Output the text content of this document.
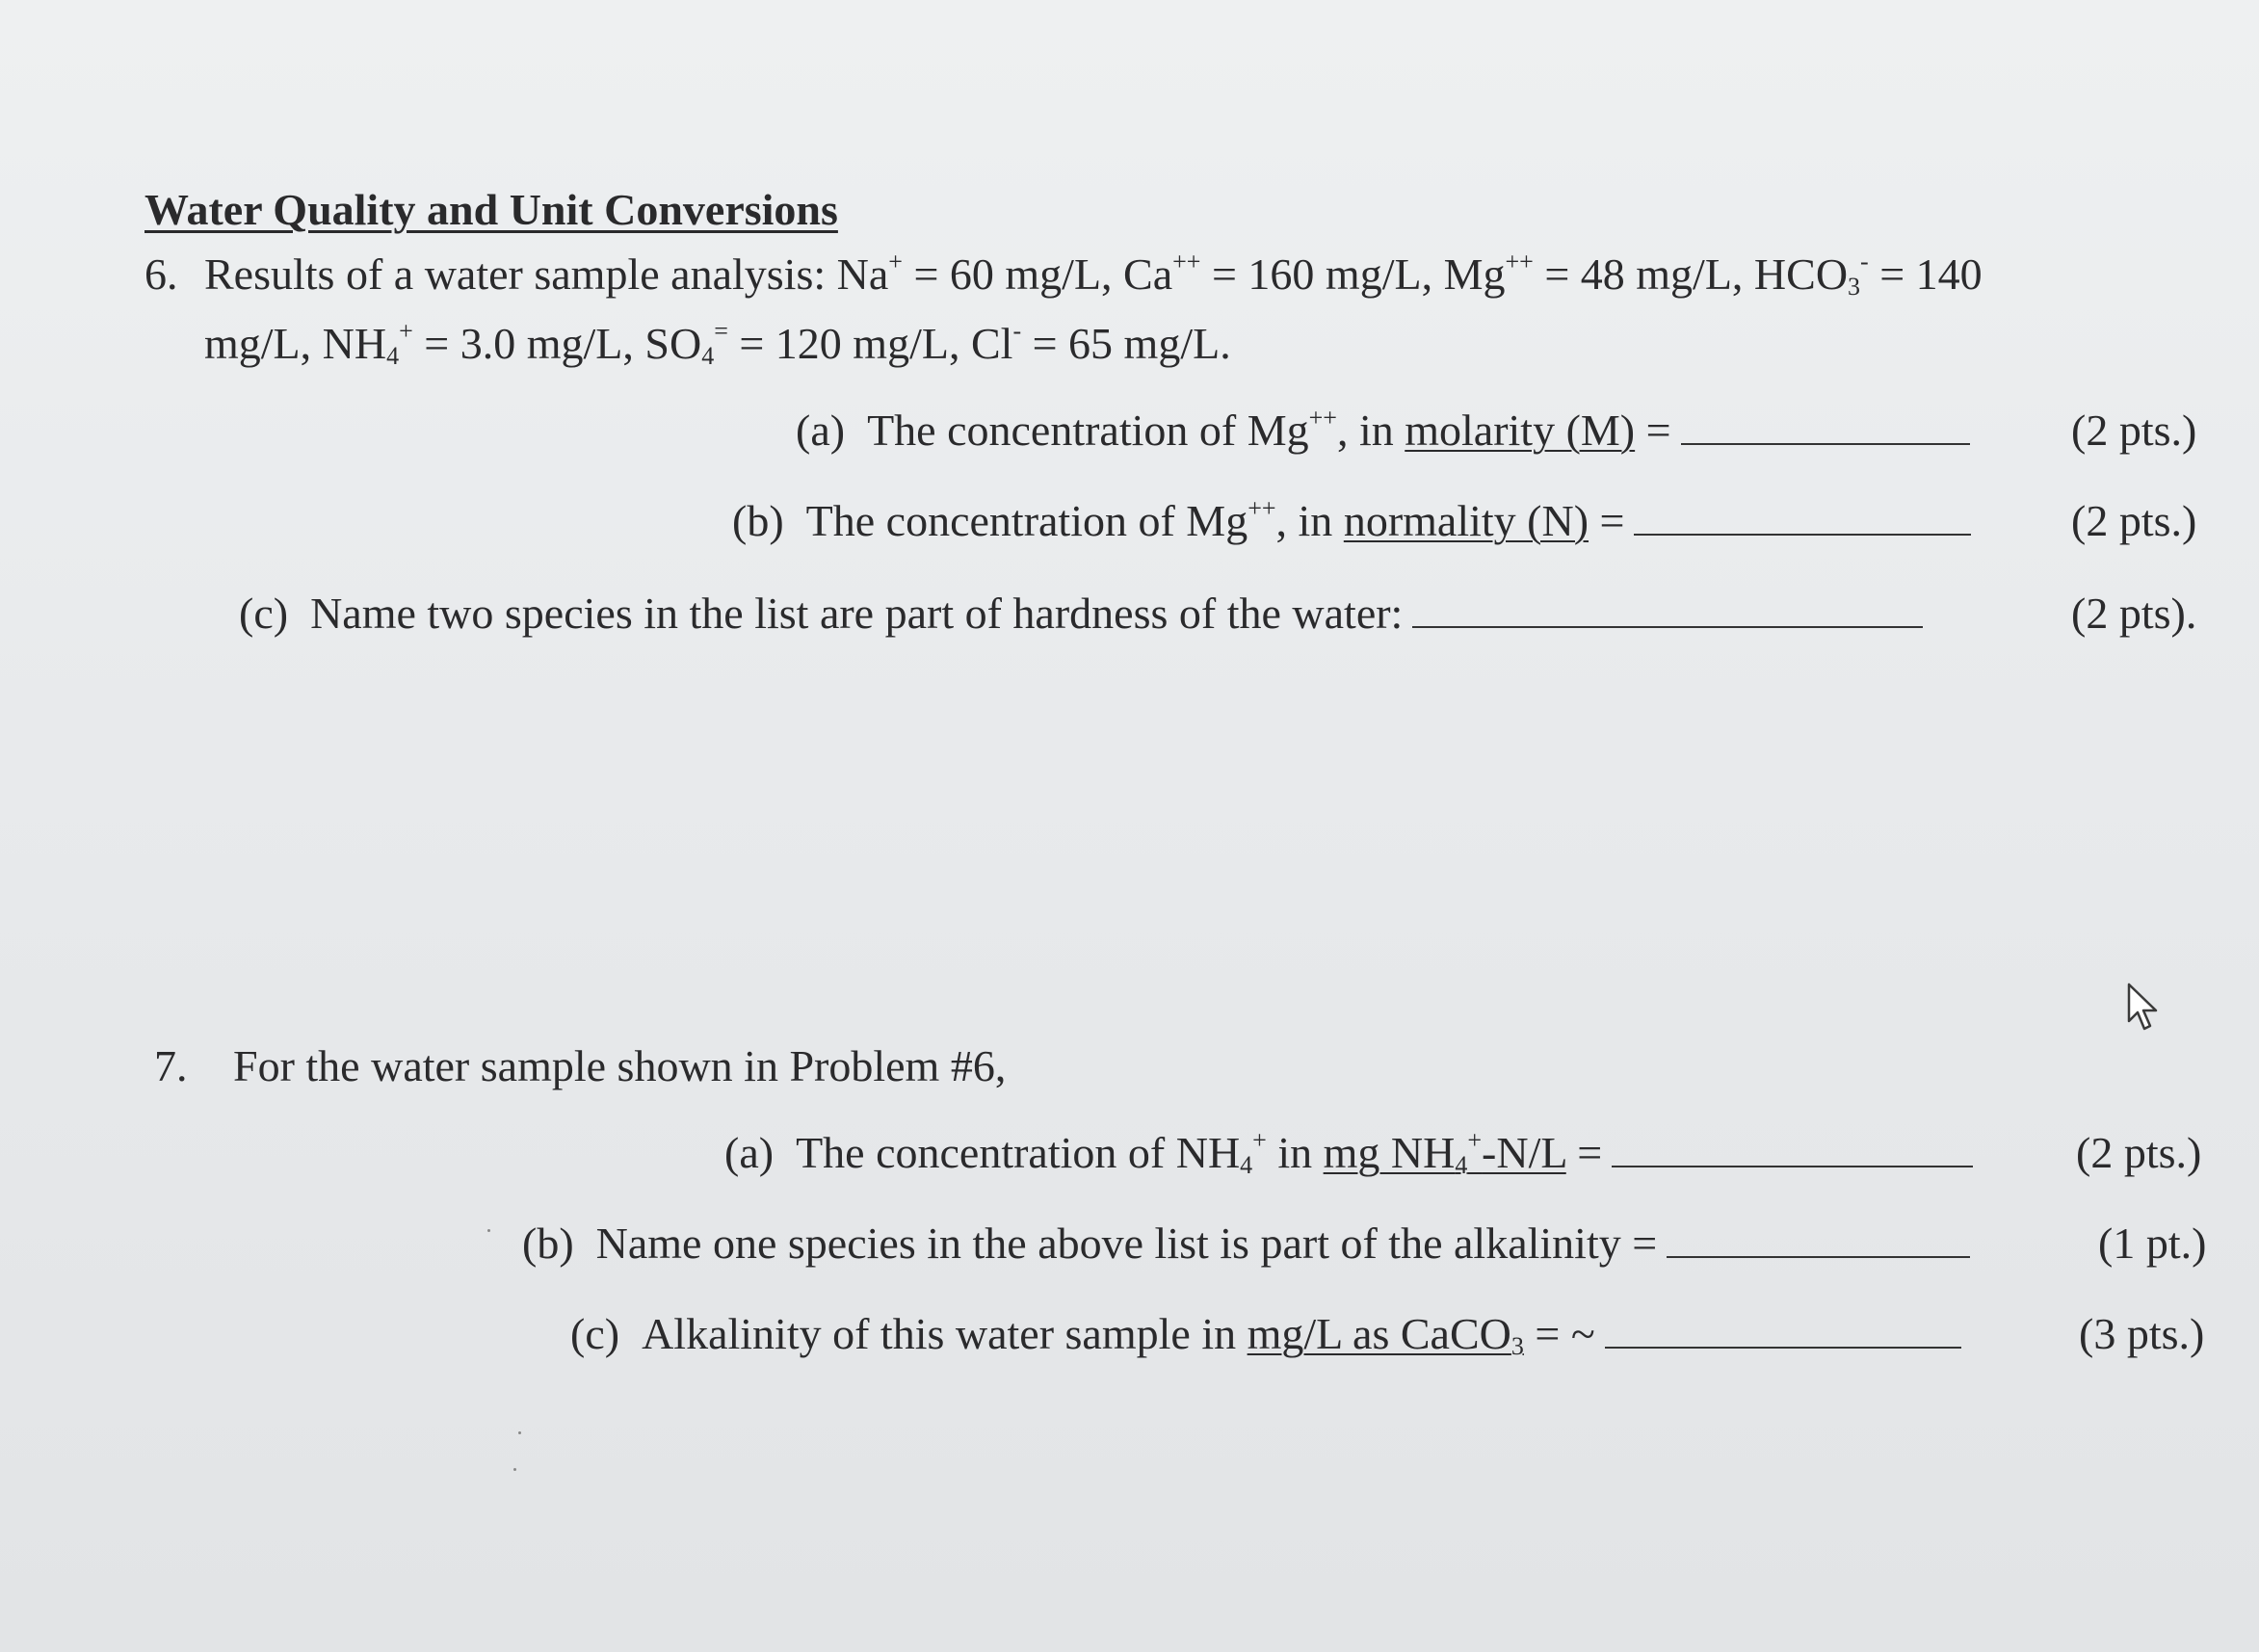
Water Quality and Unit Conversions
6. Results of a water sample analysis: Na+ = 60 mg/L, Ca++ = 160 mg/L, Mg++ = 48 mg/L, $HCO_3^- = 140$
mg/L, $NH_4^+ = 3.0$ mg/L, $SO_4^= = 120$ mg/L, Cl- = 65 mg/L.
(a) The concentration of Mg++, in molarity (M) =	(2 pts.)
(b) The concentration of Mg++, in normality (N) =	(2 pts.)
(c) Name two species in the list are part of hardness of the water:	(2 pts).
7. For the water sample shown in Problem #6,
(a) The concentration of $NH_4^+$ in mg $NH_4^+-N/L$ =	(2 pts.)
(b) Name one species in the above list is part of the alkalinity =	(1 pt.)
(c) Alkalinity of this water sample in mg/L as CaCO$_3$ = ~	(3 pts.)
